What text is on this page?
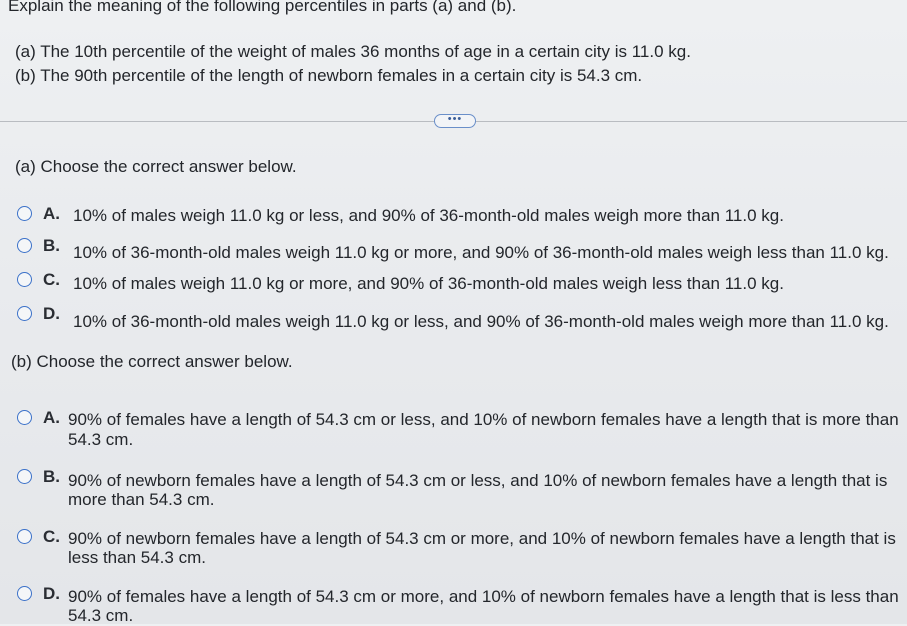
Explain the meaning of the following percentiles in parts (a) and (b).
(a) The 10th percentile of the weight of males 36 months of age in a certain city is 11.0 kg.
(b) The 90th percentile of the length of newborn females in a certain city is 54.3 cm.
•••
(a) Choose the correct answer below.
A. 10% of males weigh 11.0 kg or less, and 90% of 36-month-old males weigh more than 11.0 kg.
B. 10% of 36-month-old males weigh 11.0 kg or more, and 90% of 36-month-old males weigh less than 11.0 kg.
C. 10% of males weigh 11.0 kg or more, and 90% of 36-month-old males weigh less than 11.0 kg.
D. 10% of 36-month-old males weigh 11.0 kg or less, and 90% of 36-month-old males weigh more than 11.0 kg.
(b) Choose the correct answer below.
A. 90% of females have a length of 54.3 cm or less, and 10% of newborn females have a length that is more than
54.3 cm.
B. 90% of newborn females have a length of 54.3 cm or less, and 10% of newborn females have a length that is
more than 54.3 cm.
C. 90% of newborn females have a length of 54.3 cm or more, and 10% of newborn females have a length that is
less than 54.3 cm.
D. 90% of females have a length of 54.3 cm or more, and 10% of newborn females have a length that is less than
54.3 cm.
